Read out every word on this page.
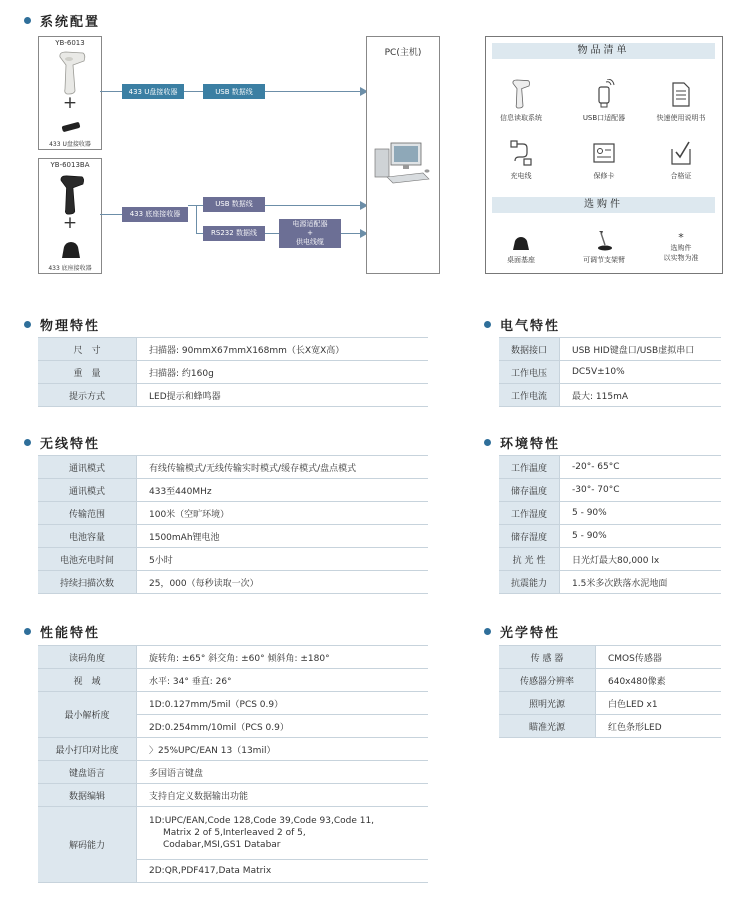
系统配置
YB-6013
+
433 U盘接收器
YB-6013BA
+
433 底座接收器
433 U盘接收器	USB 数据线
433 底座接收器
USB 数据线
RS232 数据线
电源适配器
+
供电线缆
PC(主机)	物品清单
信息读取系统	USB口适配器	快速使用说明书
充电线	保修卡	合格证
选购件
桌面基座	可调节支架臂
*
选购件
以实物为准
物理特性
尺　寸	扫描器: 90mmX67mmX168mm（长X宽X高）
重　量	扫描器: 约160g
提示方式	LED提示和蜂鸣器
电气特性
数据接口	USB HID键盘口/USB虚拟串口
工作电压	DC5V±10%
工作电流	最大: 115mA
无线特性
通讯模式	有线传输模式/无线传输实时模式/缓存模式/盘点模式
通讯模式	433至440MHz
传输范围	100米（空旷环境）
电池容量	1500mAh锂电池
电池充电时间	5小时
持续扫描次数	25，000（每秒读取一次）
环境特性
工作温度	-20°- 65°C
储存温度	-30°- 70°C
工作湿度	5 - 90%
储存湿度	5 - 90%
抗 光 性	日光灯最大80,000 lx
抗震能力	1.5米多次跌落水泥地面
性能特性
读码角度	旋转角: ±65° 斜交角: ±60° 倾斜角: ±180°
视　域	水平: 34° 垂直: 26°
最小解析度	1D:0.127mm/5mil（PCS 0.9）
	2D:0.254mm/10mil（PCS 0.9）
最小打印对比度	〉25%UPC/EAN 13（13mil）
键盘语言	多国语言键盘
数据编辑	支持自定义数据输出功能
解码能力	1D:UPC/EAN,Code 128,Code 39,Code 93,Code 11,
Matrix 2 of 5,Interleaved 2 of 5,
Codabar,MSI,GS1 Databar

	2D:QR,PDF417,Data Matrix
光学特性
传 感 器	CMOS传感器
传感器分辨率	640x480像素
照明光源	白色LED x1
瞄准光源	红色条形LED
